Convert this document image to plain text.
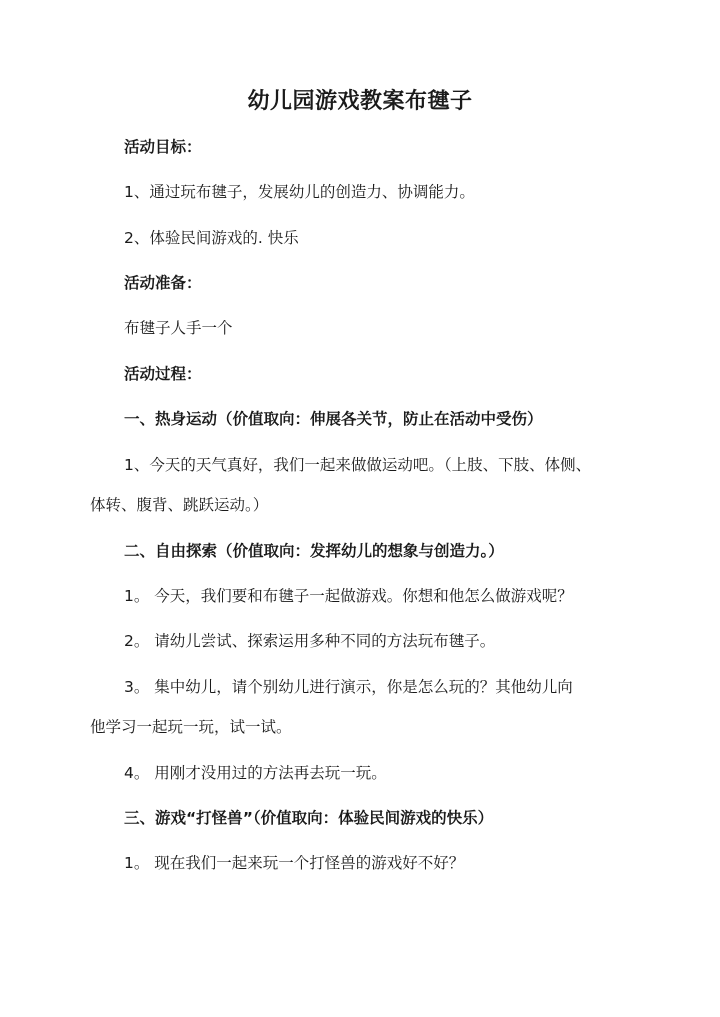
幼儿园游戏教案布毽子
活动目标：
1、通过玩布毽子，发展幼儿的创造力、协调能力。
2、体验民间游戏的. 快乐
活动准备：
布毽子人手一个
活动过程：
一、热身运动（价值取向：伸展各关节，防止在活动中受伤）
1、今天的天气真好，我们一起来做做运动吧。（上肢、下肢、体侧、
体转、腹背、跳跃运动。）
二、自由探索（价值取向：发挥幼儿的想象与创造力。）
1。 今天，我们要和布毽子一起做游戏。你想和他怎么做游戏呢？
2。 请幼儿尝试、探索运用多种不同的方法玩布毽子。
3。 集中幼儿，请个别幼儿进行演示，你是怎么玩的？其他幼儿向
他学习一起玩一玩，试一试。
4。 用刚才没用过的方法再去玩一玩。
三、游戏“打怪兽”（价值取向：体验民间游戏的快乐）
1。 现在我们一起来玩一个打怪兽的游戏好不好？
